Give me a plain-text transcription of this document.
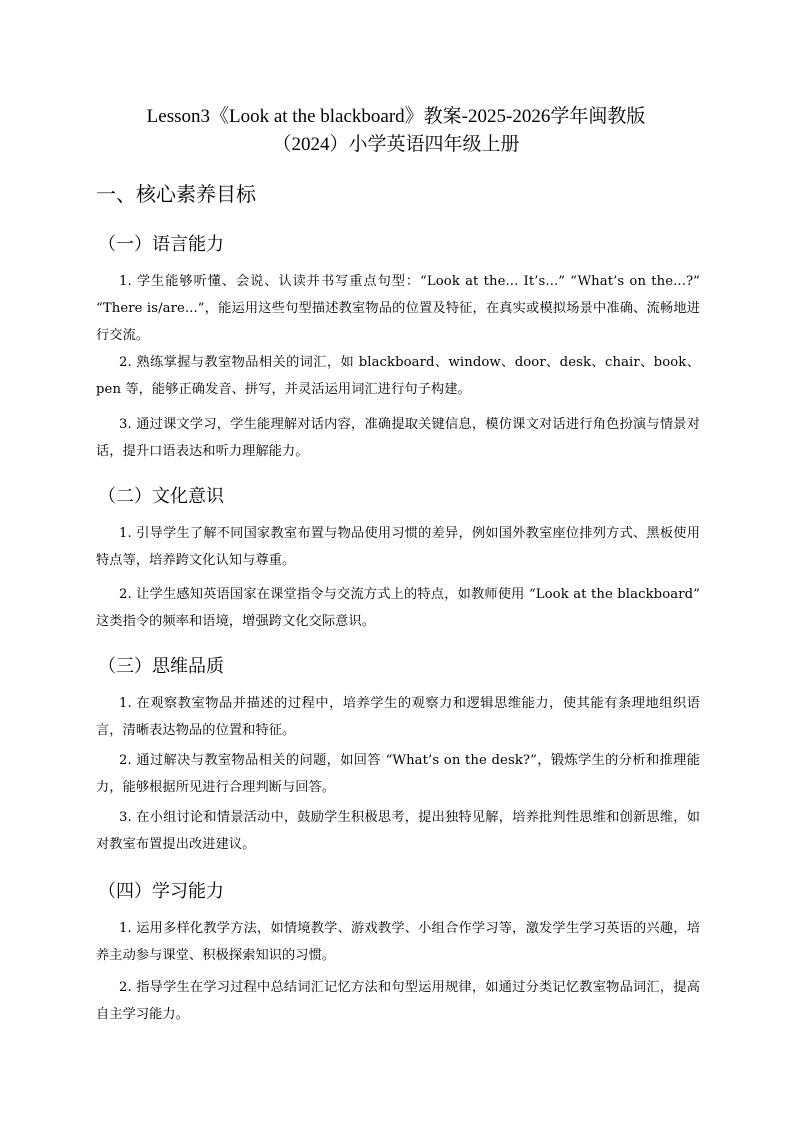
Lesson3《Look at the blackboard》教案-2025-2026学年闽教版
（2024）小学英语四年级上册
一、核心素养目标
（一）语言能力

1. 学生能够听懂、会说、认读并书写重点句型：“Look at the... It’s...” “What’s on the...?” “There is/are...”，能运用这些句型描述教室物品的位置及特征，在真实或模拟场景中准确、流畅地进行交流。

2. 熟练掌握与教室物品相关的词汇，如 blackboard、window、door、desk、chair、book、pen 等，能够正确发音、拼写，并灵活运用词汇进行句子构建。

3. 通过课文学习，学生能理解对话内容，准确提取关键信息，模仿课文对话进行角色扮演与情景对话，提升口语表达和听力理解能力。

（二）文化意识

1. 引导学生了解不同国家教室布置与物品使用习惯的差异，例如国外教室座位排列方式、黑板使用特点等，培养跨文化认知与尊重。

2. 让学生感知英语国家在课堂指令与交流方式上的特点，如教师使用 “Look at the blackboard” 这类指令的频率和语境，增强跨文化交际意识。

（三）思维品质

1. 在观察教室物品并描述的过程中，培养学生的观察力和逻辑思维能力，使其能有条理地组织语言，清晰表达物品的位置和特征。

2. 通过解决与教室物品相关的问题，如回答 “What’s on the desk?”，锻炼学生的分析和推理能力，能够根据所见进行合理判断与回答。

3. 在小组讨论和情景活动中，鼓励学生积极思考，提出独特见解，培养批判性思维和创新思维，如对教室布置提出改进建议。

（四）学习能力

1. 运用多样化教学方法，如情境教学、游戏教学、小组合作学习等，激发学生学习英语的兴趣，培养主动参与课堂、积极探索知识的习惯。

2. 指导学生在学习过程中总结词汇记忆方法和句型运用规律，如通过分类记忆教室物品词汇，提高自主学习能力。
